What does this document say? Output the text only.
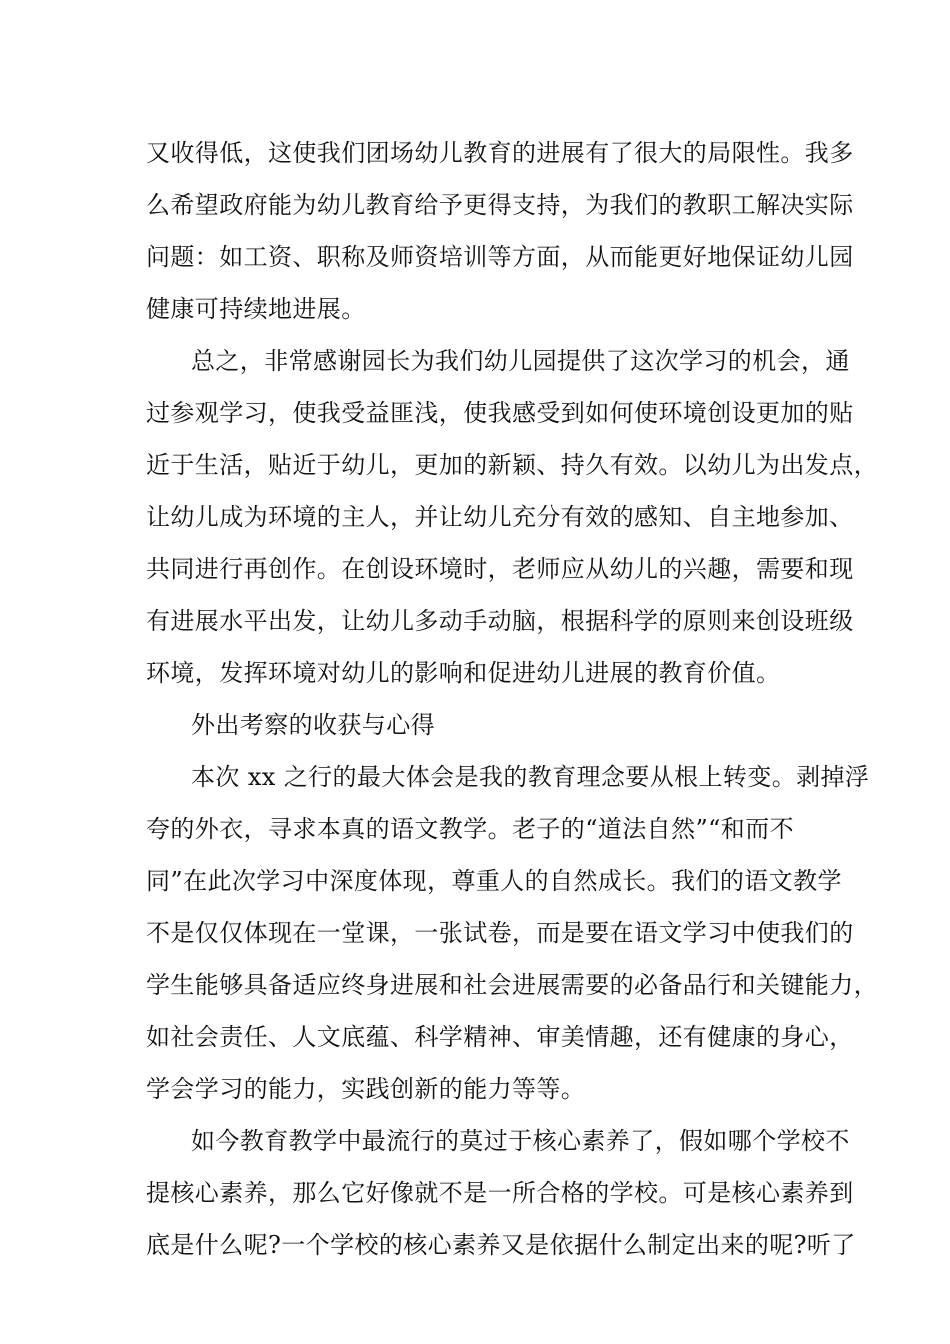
又收得低，这使我们团场幼儿教育的进展有了很大的局限性。我多
么希望政府能为幼儿教育给予更得支持，为我们的教职工解决实际
问题：如工资、职称及师资培训等方面，从而能更好地保证幼儿园
健康可持续地进展。
总之，非常感谢园长为我们幼儿园提供了这次学习的机会，通
过参观学习，使我受益匪浅，使我感受到如何使环境创设更加的贴
近于生活，贴近于幼儿，更加的新颖、持久有效。以幼儿为出发点，
让幼儿成为环境的主人，并让幼儿充分有效的感知、自主地参加、
共同进行再创作。在创设环境时，老师应从幼儿的兴趣，需要和现
有进展水平出发，让幼儿多动手动脑，根据科学的原则来创设班级
环境，发挥环境对幼儿的影响和促进幼儿进展的教育价值。
外出考察的收获与心得
本次 xx 之行的最大体会是我的教育理念要从根上转变。剥掉浮
夸的外衣，寻求本真的语文教学。老子的“道法自然”“和而不
同”在此次学习中深度体现，尊重人的自然成长。我们的语文教学
不是仅仅体现在一堂课，一张试卷，而是要在语文学习中使我们的
学生能够具备适应终身进展和社会进展需要的必备品行和关键能力，
如社会责任、人文底蕴、科学精神、审美情趣，还有健康的身心，
学会学习的能力，实践创新的能力等等。
如今教育教学中最流行的莫过于核心素养了，假如哪个学校不
提核心素养，那么它好像就不是一所合格的学校。可是核心素养到
底是什么呢?一个学校的核心素养又是依据什么制定出来的呢?听了
